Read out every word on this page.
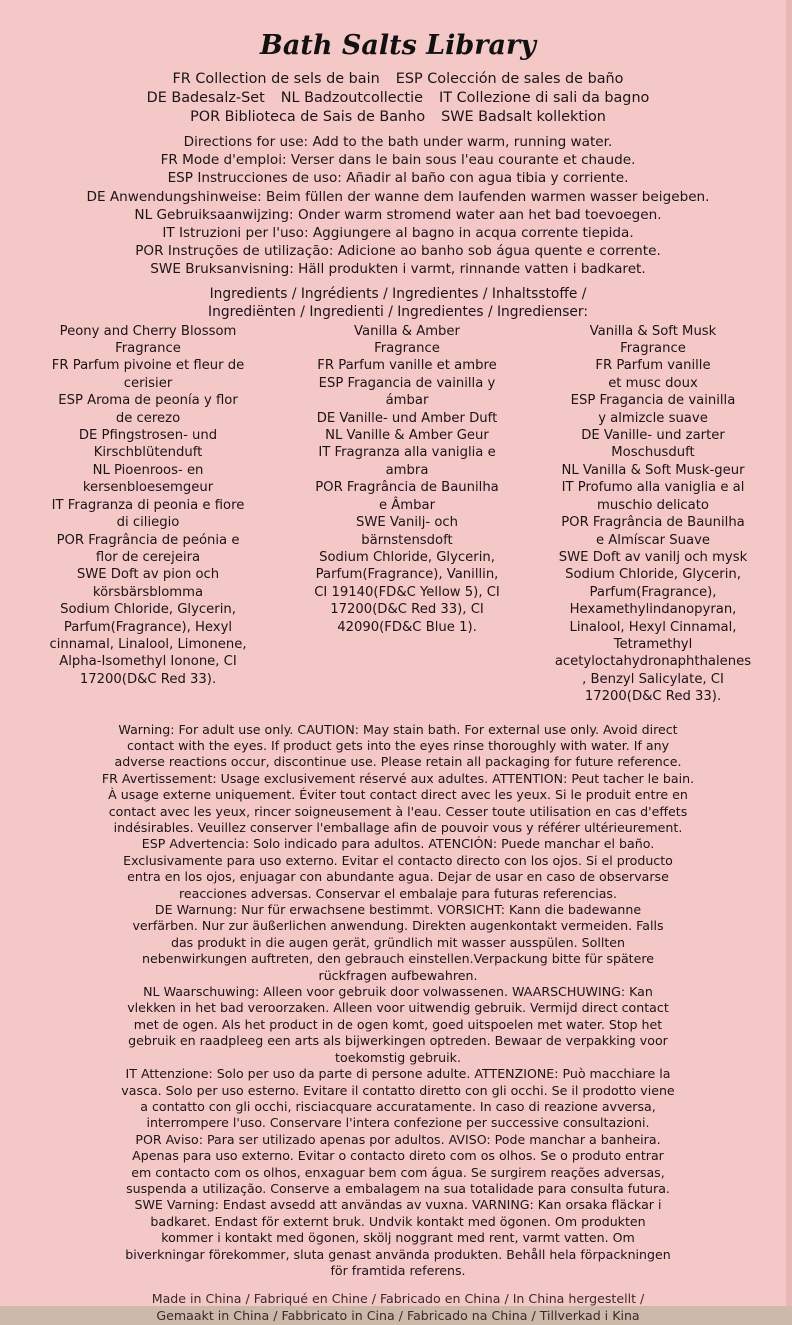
Bath Salts Library
FR Collection de sels de bain ESP Colección de sales de baño
DE Badesalz-Set NL Badzoutcollectie IT Collezione di sali da bagno
POR Biblioteca de Sais de Banho SWE Badsalt kollektion
Directions for use: Add to the bath under warm, running water.
FR Mode d'emploi: Verser dans le bain sous l'eau courante et chaude.
ESP Instrucciones de uso: Añadir al baño con agua tibia y corriente.
DE Anwendungshinweise: Beim füllen der wanne dem laufenden warmen wasser beigeben.
NL Gebruiksaanwijzing: Onder warm stromend water aan het bad toevoegen.
IT Istruzioni per l'uso: Aggiungere al bagno in acqua corrente tiepida.
POR Instruções de utilização: Adicione ao banho sob água quente e corrente.
SWE Bruksanvisning: Häll produkten i varmt, rinnande vatten i badkaret.
Ingredients / Ingrédients / Ingredientes / Inhaltsstoffe /
Ingrediënten / Ingredienti / Ingredientes / Ingredienser:
Peony and Cherry Blossom
Fragrance
FR Parfum pivoine et fleur de
cerisier
ESP Aroma de peonía y flor
de cerezo
DE Pfingstrosen- und
Kirschblütenduft
NL Pioenroos- en
kersenbloesemgeur
IT Fragranza di peonia e fiore
di ciliegio
POR Fragrância de peónia e
flor de cerejeira
SWE Doft av pion och
körsbärsblomma
Sodium Chloride, Glycerin,
Parfum(Fragrance), Hexyl
cinnamal, Linalool, Limonene,
Alpha-Isomethyl Ionone, CI
17200(D&C Red 33).
Vanilla & Amber
Fragrance
FR Parfum vanille et ambre
ESP Fragancia de vainilla y
ámbar
DE Vanille- und Amber Duft
NL Vanille & Amber Geur
IT Fragranza alla vaniglia e
ambra
POR Fragrância de Baunilha
e Âmbar
SWE Vanilj- och
bärnstensdoft
Sodium Chloride, Glycerin,
Parfum(Fragrance), Vanillin,
CI 19140(FD&C Yellow 5), CI
17200(D&C Red 33), CI
42090(FD&C Blue 1).
Vanilla & Soft Musk
Fragrance
FR Parfum vanille
et musc doux
ESP Fragancia de vainilla
y almizcle suave
DE Vanille- und zarter
Moschusduft
NL Vanilla & Soft Musk-geur
IT Profumo alla vaniglia e al
muschio delicato
POR Fragrância de Baunilha
e Almíscar Suave
SWE Doft av vanilj och mysk
Sodium Chloride, Glycerin,
Parfum(Fragrance),
Hexamethylindanopyran,
Linalool, Hexyl Cinnamal,
Tetramethyl
acetyloctahydronaphthalenes
, Benzyl Salicylate, CI
17200(D&C Red 33).

Warning: For adult use only. CAUTION: May stain bath. For external use only. Avoid direct

contact with the eyes. If product gets into the eyes rinse thoroughly with water. If any

adverse reactions occur, discontinue use. Please retain all packaging for future reference.

FR Avertissement: Usage exclusivement réservé aux adultes. ATTENTION: Peut tacher le bain.

À usage externe uniquement. Éviter tout contact direct avec les yeux. Si le produit entre en

contact avec les yeux, rincer soigneusement à l'eau. Cesser toute utilisation en cas d'effets

indésirables. Veuillez conserver l'emballage afin de pouvoir vous y référer ultérieurement.

ESP Advertencia: Solo indicado para adultos. ATENCIÓN: Puede manchar el baño.

Exclusivamente para uso externo. Evitar el contacto directo con los ojos. Si el producto

entra en los ojos, enjuagar con abundante agua. Dejar de usar en caso de observarse

reacciones adversas. Conservar el embalaje para futuras referencias.

DE Warnung: Nur für erwachsene bestimmt. VORSICHT: Kann die badewanne

verfärben. Nur zur äußerlichen anwendung. Direkten augenkontakt vermeiden. Falls

das produkt in die augen gerät, gründlich mit wasser ausspülen. Sollten

nebenwirkungen auftreten, den gebrauch einstellen.Verpackung bitte für spätere

rückfragen aufbewahren.

NL Waarschuwing: Alleen voor gebruik door volwassenen. WAARSCHUWING: Kan

vlekken in het bad veroorzaken. Alleen voor uitwendig gebruik. Vermijd direct contact

met de ogen. Als het product in de ogen komt, goed uitspoelen met water. Stop het

gebruik en raadpleeg een arts als bijwerkingen optreden. Bewaar de verpakking voor

toekomstig gebruik.

IT Attenzione: Solo per uso da parte di persone adulte. ATTENZIONE: Può macchiare la

vasca. Solo per uso esterno. Evitare il contatto diretto con gli occhi. Se il prodotto viene

a contatto con gli occhi, risciacquare accuratamente. In caso di reazione avversa,

interrompere l'uso. Conservare l'intera confezione per successive consultazioni.

POR Aviso: Para ser utilizado apenas por adultos. AVISO: Pode manchar a banheira.

Apenas para uso externo. Evitar o contacto direto com os olhos. Se o produto entrar

em contacto com os olhos, enxaguar bem com água. Se surgirem reações adversas,

suspenda a utilização. Conserve a embalagem na sua totalidade para consulta futura.

SWE Varning: Endast avsedd att användas av vuxna. VARNING: Kan orsaka fläckar i

badkaret. Endast för externt bruk. Undvik kontakt med ögonen. Om produkten

kommer i kontakt med ögonen, skölj noggrant med rent, varmt vatten. Om

biverkningar förekommer, sluta genast använda produkten. Behåll hela förpackningen

för framtida referens.

Made in China / Fabriqué en Chine / Fabricado en China / In China hergestellt /
Gemaakt in China / Fabbricato in Cina / Fabricado na China / Tillverkad i Kina
